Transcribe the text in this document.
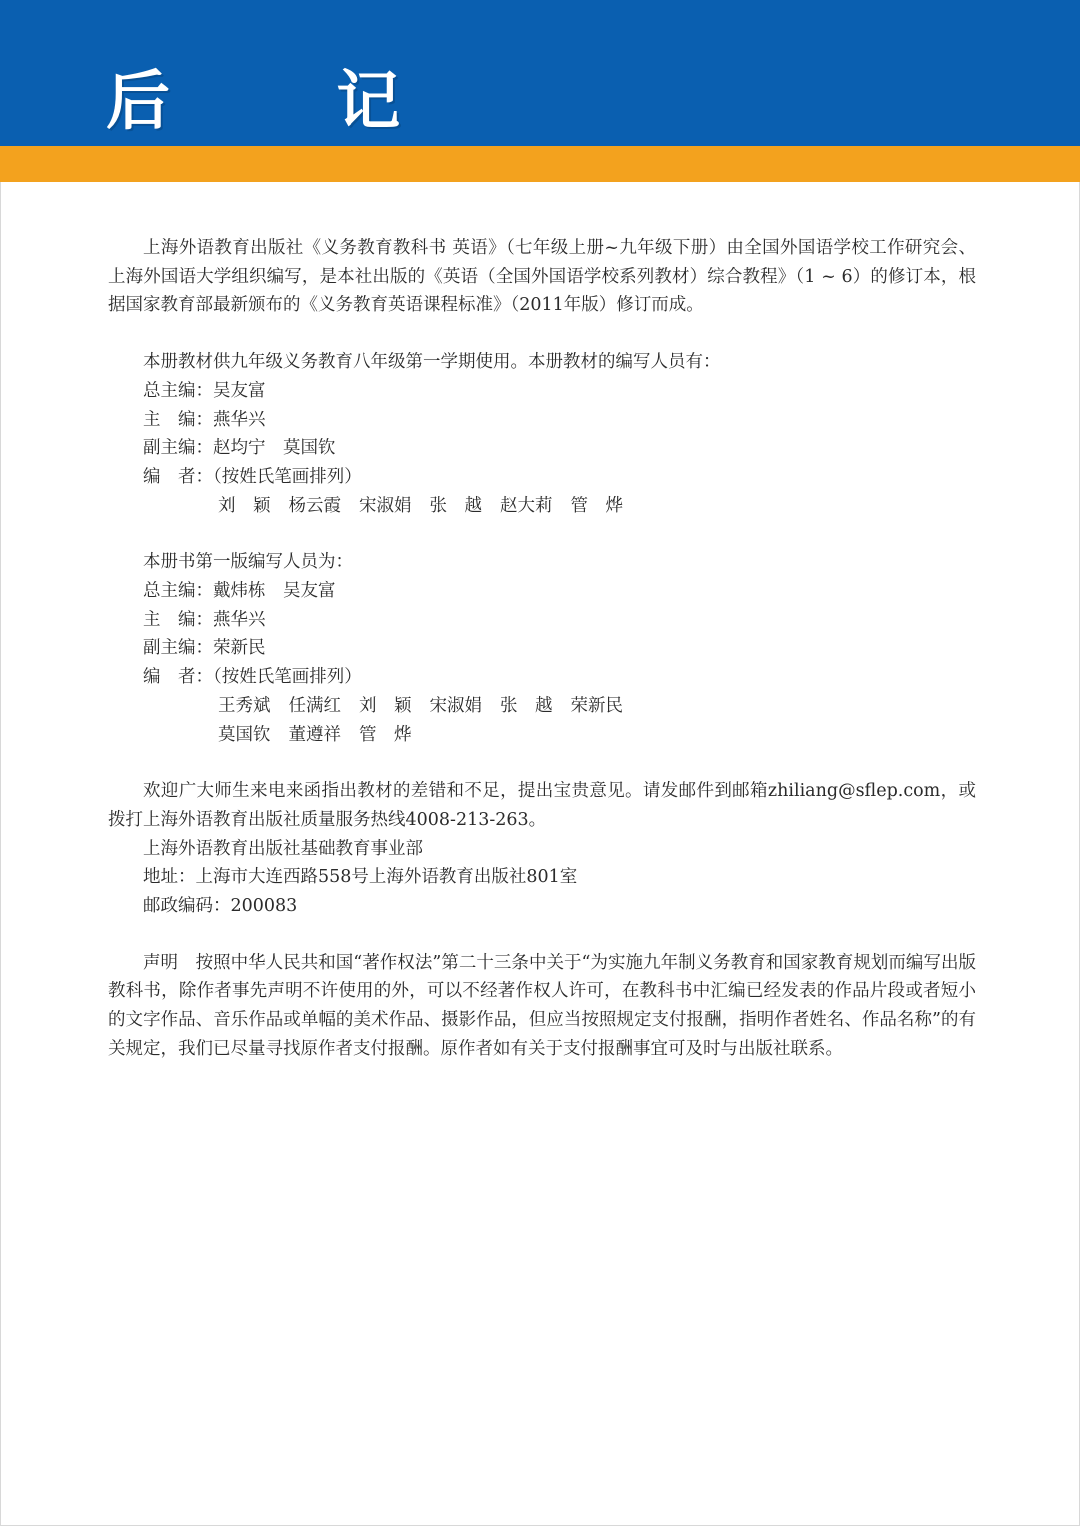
后 记

上海外语教育出版社《义务教育教科书 英语》（七年级上册~九年级下册）由全国外国语学校工作研究会、上海外国语大学组织编写，是本社出版的《英语（全国外国语学校系列教材）综合教程》（1 ~ 6）的修订本，根据国家教育部最新颁布的《义务教育英语课程标准》（2011年版）修订而成。

本册教材供九年级义务教育八年级第一学期使用。本册教材的编写人员有：

总主编：吴友富

主　编：燕华兴

副主编：赵均宁　莫国钦

编　者：（按姓氏笔画排列）

刘　颖 杨云霞 宋淑娟 张　越 赵大莉 管　烨

本册书第一版编写人员为：

总主编：戴炜栋　吴友富

主　编：燕华兴

副主编：荣新民

编　者：（按姓氏笔画排列）

王秀斌 任满红 刘　颖 宋淑娟 张　越 荣新民

莫国钦 董遵祥 管　烨

欢迎广大师生来电来函指出教材的差错和不足，提出宝贵意见。请发邮件到邮箱zhiliang@sflep.com，或拨打上海外语教育出版社质量服务热线4008-213-263。

上海外语教育出版社基础教育事业部

地址：上海市大连西路558号上海外语教育出版社801室

邮政编码：200083

声明　按照中华人民共和国“著作权法”第二十三条中关于“为实施九年制义务教育和国家教育规划而编写出版教科书，除作者事先声明不许使用的外，可以不经著作权人许可，在教科书中汇编已经发表的作品片段或者短小的文字作品、音乐作品或单幅的美术作品、摄影作品，但应当按照规定支付报酬，指明作者姓名、作品名称”的有关规定，我们已尽量寻找原作者支付报酬。原作者如有关于支付报酬事宜可及时与出版社联系。
